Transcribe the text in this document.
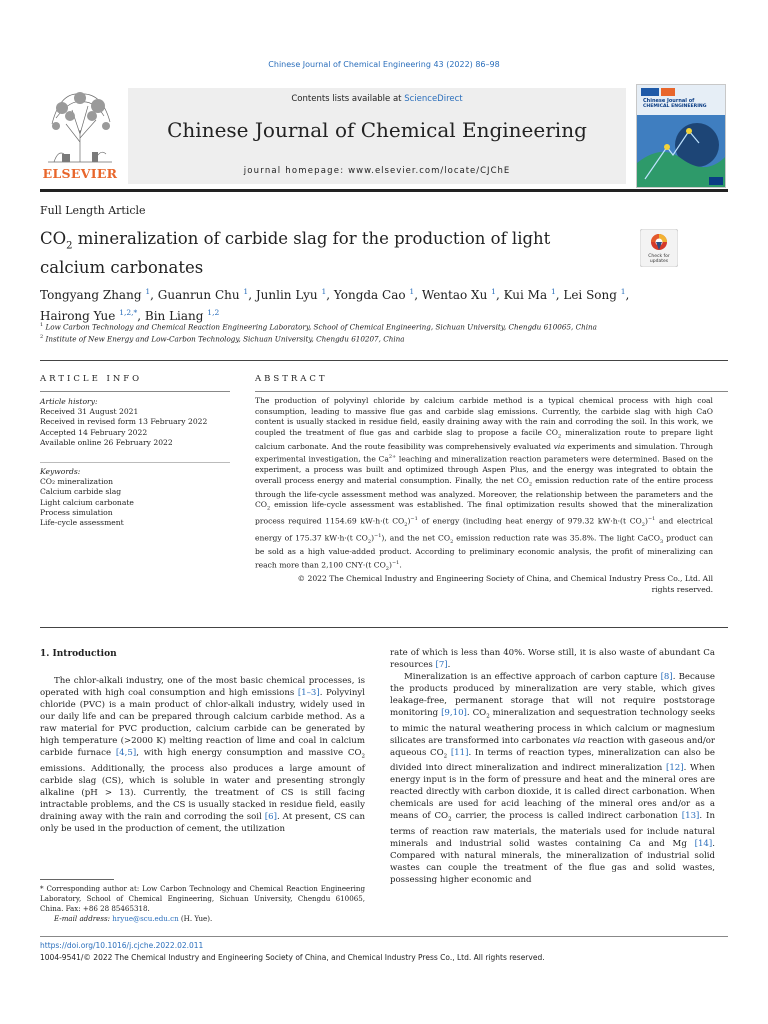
Chinese Journal of Chemical Engineering 43 (2022) 86–98
ELSEVIER
Contents lists available at ScienceDirect
Chinese Journal of Chemical Engineering
journal homepage: www.elsevier.com/locate/CJChE
Chinese Journal of
CHEMICAL ENGINEERING
Full Length Article
$CO_2$ mineralization of carbide slag for the production of light calcium carbonates
Check for
updates
Tongyang Zhang $^1$, Guanrun Chu $^1$, Junlin Lyu $^1$, Yongda Cao $^1$, Wentao Xu $^1$, Kui Ma $^1$, Lei Song $^1$,
Hairong Yue $^{1,2,*}$, Bin Liang $^{1,2}$
$^1$ Low Carbon Technology and Chemical Reaction Engineering Laboratory, School of Chemical Engineering, Sichuan University, Chengdu 610065, China
$^2$ Institute of New Energy and Low-Carbon Technology, Sichuan University, Chengdu 610207, China
ARTICLE INFO	ABSTRACT
Article history:
Received 31 August 2021
Received in revised form 13 February 2022
Accepted 14 February 2022
Available online 26 February 2022
Keywords:
CO₂ mineralization
Calcium carbide slag
Light calcium carbonate
Process simulation
Life-cycle assessment
The production of polyvinyl chloride by calcium carbide method is a typical chemical process with high coal consumption, leading to massive flue gas and carbide slag emissions. Currently, the carbide slag with high CaO content is usually stacked in residue field, easily draining away with the rain and corroding the soil. In this work, we coupled the treatment of flue gas and carbide slag to propose a facile $CO_2$ mineralization route to prepare light calcium carbonate. And the route feasibility was comprehensively evaluated via experiments and simulation. Through experimental investigation, the $Ca^{2+}$ leaching and mineralization reaction parameters were determined. Based on the experiment, a process was built and optimized through Aspen Plus, and the energy was integrated to obtain the overall process energy and material consumption. Finally, the net $CO_2$ emission reduction rate of the entire process through the life-cycle assessment method was analyzed. Moreover, the relationship between the parameters and the $CO_2$ emission life-cycle assessment was established. The final optimization results showed that the mineralization process required 1154.69 kW·h·(t $CO_2)^{-1}$ of energy (including heat energy of 979.32 kW·h·(t $CO_2)^{-1}$ and electrical energy of 175.37 kW·h·(t $CO_2)^{-1}$), and the net $CO_2$ emission reduction rate was 35.8%. The light CaCO$_3$ product can be sold as a high value-added product. According to preliminary economic analysis, the profit of mineralizing can reach more than 2,100 CNY·(t $CO_2)^{-1}$.
© 2022 The Chemical Industry and Engineering Society of China, and Chemical Industry Press Co., Ltd. All
rights reserved.
1. Introduction

The chlor-alkali industry, one of the most basic chemical processes, is operated with high coal consumption and high emissions [1–3]. Polyvinyl chloride (PVC) is a main product of chlor-alkali industry, widely used in our daily life and can be prepared through calcium carbide method. As a raw material for PVC production, calcium carbide can be generated by high temperature (>2000 K) melting reaction of lime and coal in calcium carbide furnace [4,5], with high energy consumption and massive $CO_2$ emissions. Additionally, the process also produces a large amount of carbide slag (CS), which is soluble in water and presenting strongly alkaline (pH > 13). Currently, the treatment of CS is still facing intractable problems, and the CS is usually stacked in residue field, easily draining away with the rain and corroding the soil [6]. At present, CS can only be used in the production of cement, the utilization

rate of which is less than 40%. Worse still, it is also waste of abundant Ca resources [7].

Mineralization is an effective approach of carbon capture [8]. Because the products produced by mineralization are very stable, which gives leakage-free, permanent storage that will not require poststorage monitoring [9,10]. $CO_2$ mineralization and sequestration technology seeks to mimic the natural weathering process in which calcium or magnesium silicates are transformed into carbonates via reaction with gaseous and/or aqueous $CO_2$ [11]. In terms of reaction types, mineralization can also be divided into direct mineralization and indirect mineralization [12]. When energy input is in the form of pressure and heat and the mineral ores are reacted directly with carbon dioxide, it is called direct carbonation. When chemicals are used for acid leaching of the mineral ores and/or as a means of $CO_2$ carrier, the process is called indirect carbonation [13]. In terms of reaction raw materials, the materials used for include natural minerals and industrial solid wastes containing Ca and Mg [14]. Compared with natural minerals, the mineralization of industrial solid wastes can couple the treatment of the flue gas and solid wastes, possessing higher economic and

* Corresponding author at: Low Carbon Technology and Chemical Reaction Engineering Laboratory, School of Chemical Engineering, Sichuan University, Chengdu 610065, China. Fax: +86 28 85465318.
E-mail address: hryue@scu.edu.cn (H. Yue).
https://doi.org/10.1016/j.cjche.2022.02.011
1004-9541/© 2022 The Chemical Industry and Engineering Society of China, and Chemical Industry Press Co., Ltd. All rights reserved.
